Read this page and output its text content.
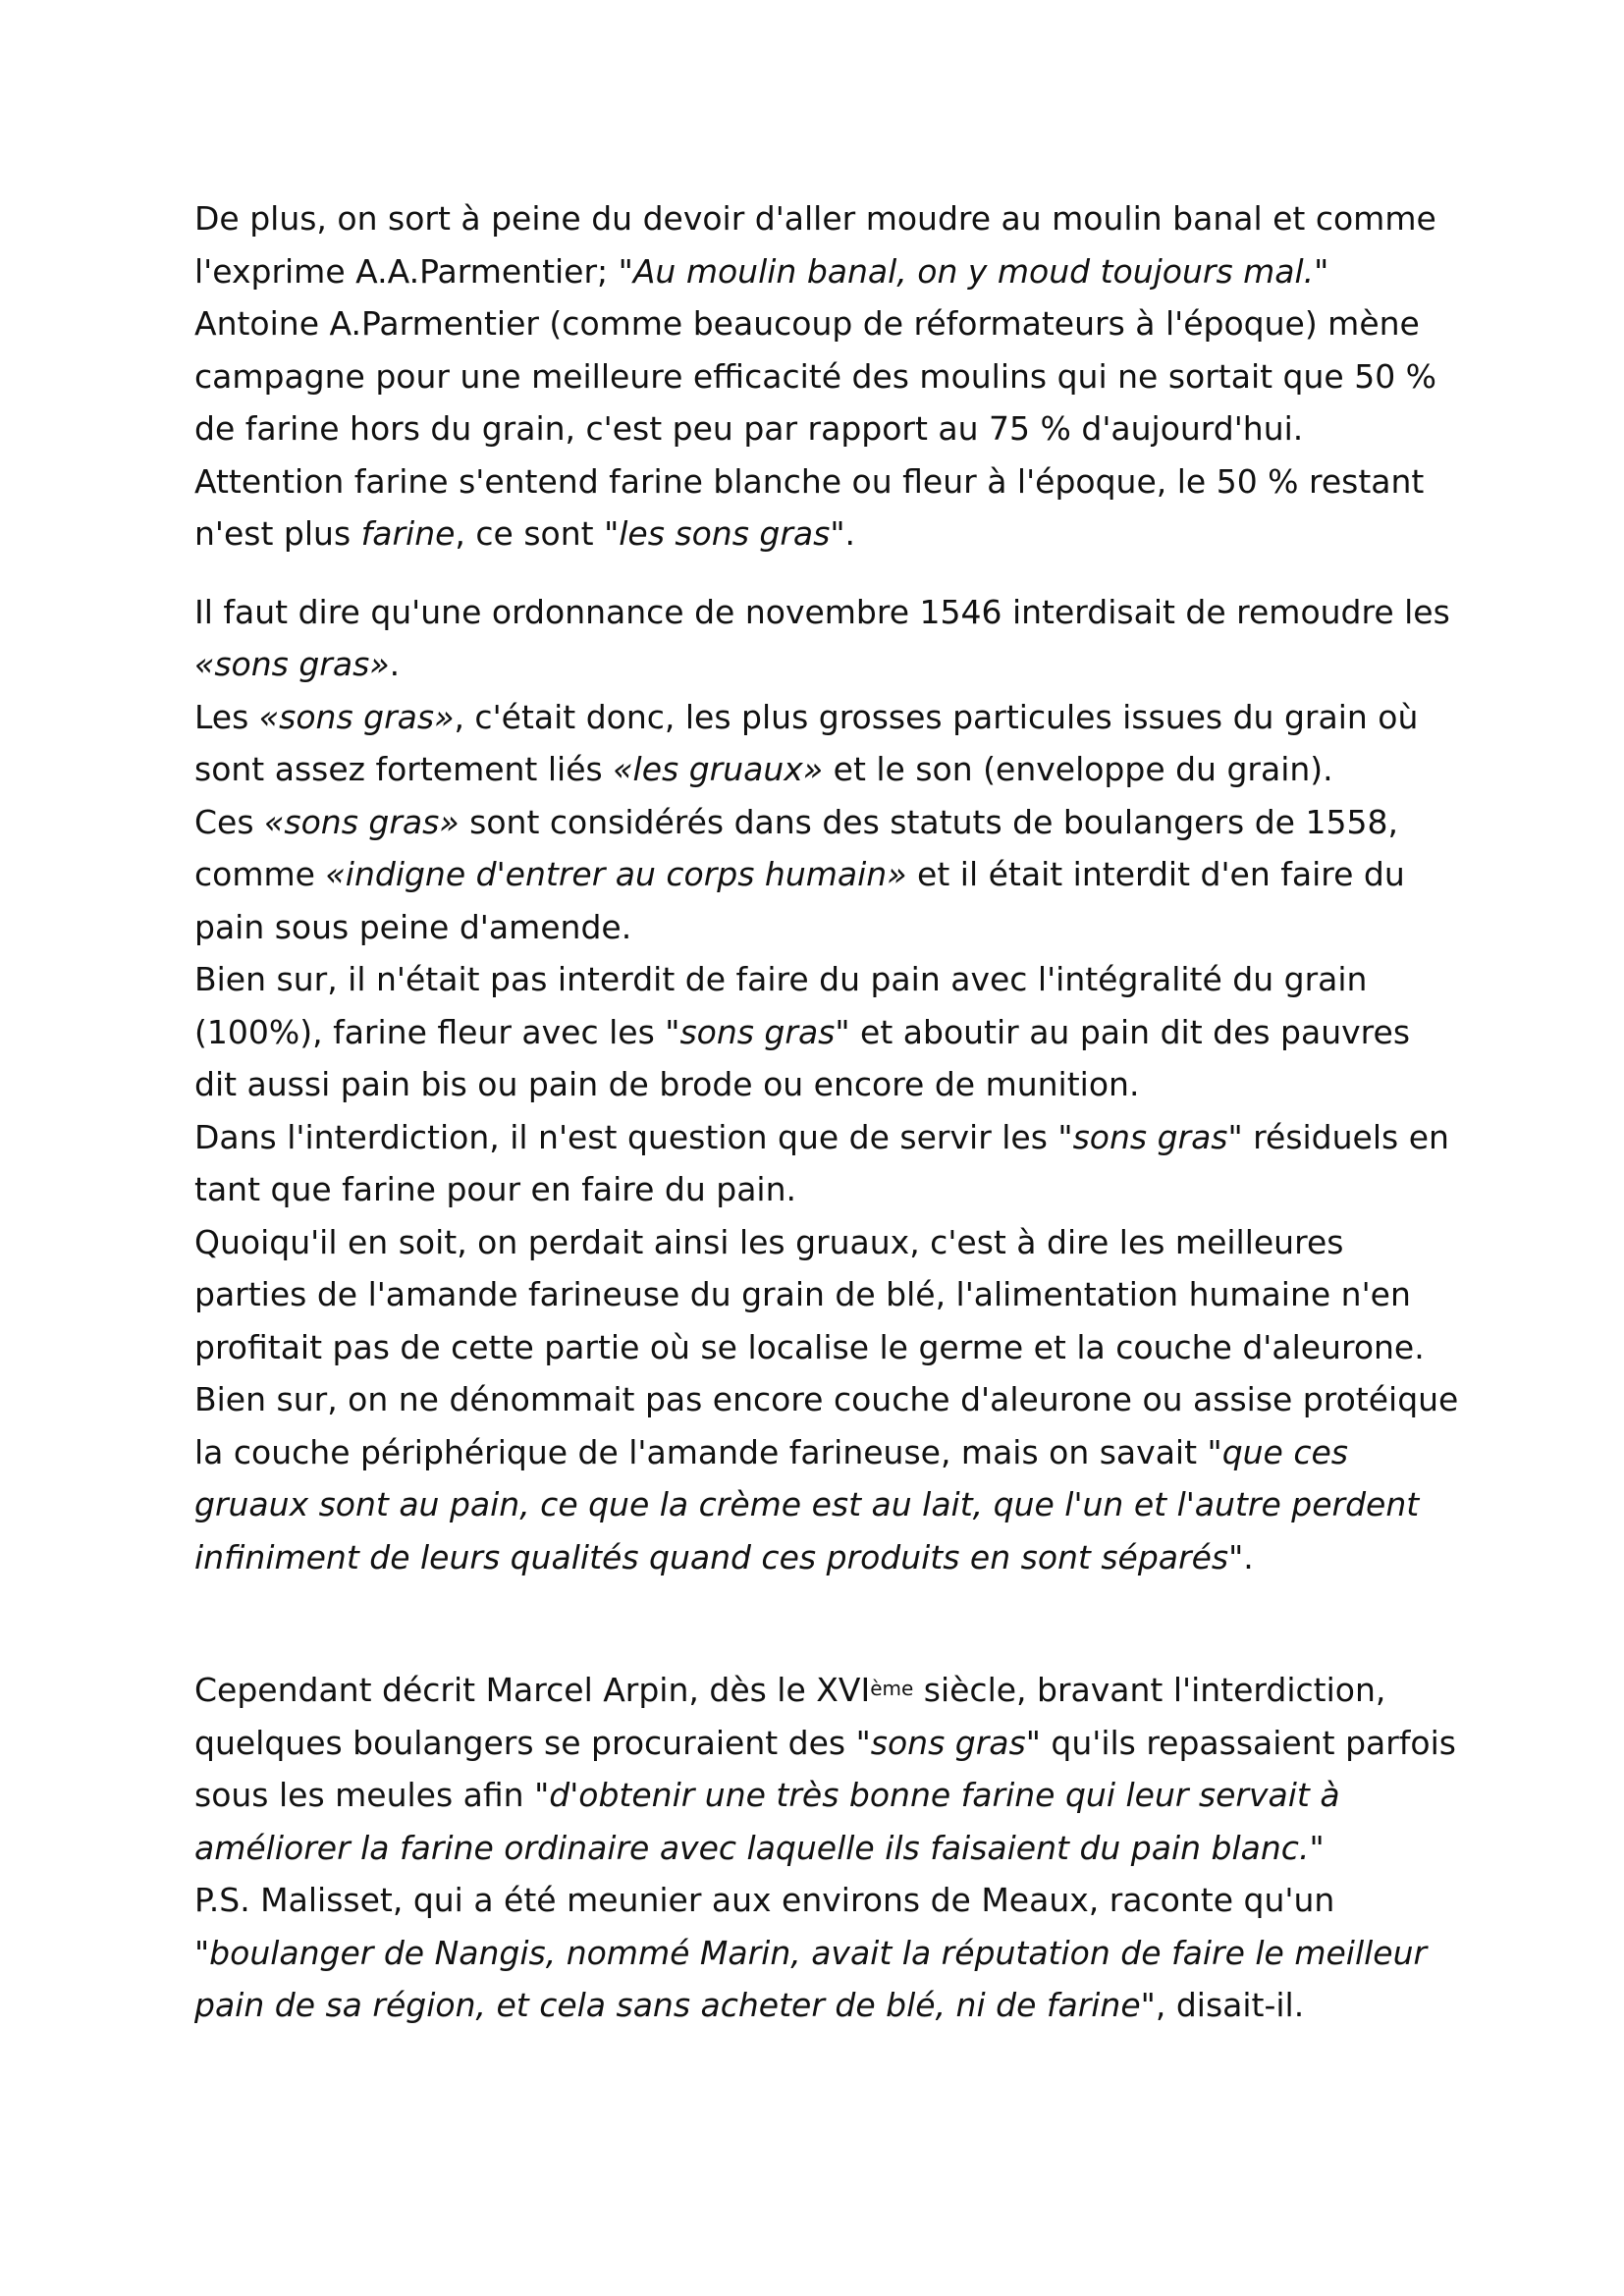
De plus, on sort à peine du devoir d'aller moudre au moulin banal et comme l'exprime A.A.Parmentier; "Au moulin banal, on y moud toujours mal."

Antoine A.Parmentier (comme beaucoup de réformateurs à l'époque) mène campagne pour une meilleure efficacité des moulins qui ne sortait que 50 % de farine hors du grain, c'est peu par rapport au 75 % d'aujourd'hui.

Attention farine s'entend farine blanche ou fleur à l'époque, le 50 % restant n'est plus farine, ce sont "les sons gras".

Il faut dire qu'une ordonnance de novembre 1546 interdisait de remoudre les «sons gras».

Les «sons gras», c'était donc, les plus grosses particules issues du grain où sont assez fortement liés «les gruaux» et le son (enveloppe du grain).

Ces «sons gras» sont considérés dans des statuts de boulangers de 1558, comme «indigne d'entrer au corps humain» et il était interdit d'en faire du pain sous peine d'amende.

Bien sur, il n'était pas interdit de faire du pain avec l'intégralité du grain (100%), farine fleur avec les "sons gras" et aboutir au pain dit des pauvres dit aussi pain bis ou pain de brode ou encore de munition.

Dans l'interdiction, il n'est question que de servir les "sons gras" résiduels en tant que farine pour en faire du pain.

Quoiqu'il en soit, on perdait ainsi les gruaux, c'est à dire les meilleures parties de l'amande farineuse du grain de blé, l'alimentation humaine n'en profitait pas de cette partie où se localise le germe et la couche d'aleurone.

Bien sur, on ne dénommait pas encore couche d'aleurone ou assise protéique la couche périphérique de l'amande farineuse, mais on savait "que ces gruaux sont au pain, ce que la crème est au lait, que l'un et l'autre perdent infiniment de leurs qualités quand ces produits en sont séparés".

Cependant décrit Marcel Arpin, dès le XVIème siècle, bravant l'interdiction, quelques boulangers se procuraient des "sons gras" qu'ils repassaient parfois sous les meules afin "d'obtenir une très bonne farine qui leur servait à améliorer la farine ordinaire avec laquelle ils faisaient du pain blanc."

P.S. Malisset, qui a été meunier aux environs de Meaux, raconte qu'un "boulanger de Nangis, nommé Marin, avait la réputation de faire le meilleur pain de sa région, et cela sans acheter de blé, ni de farine", disait-il.
